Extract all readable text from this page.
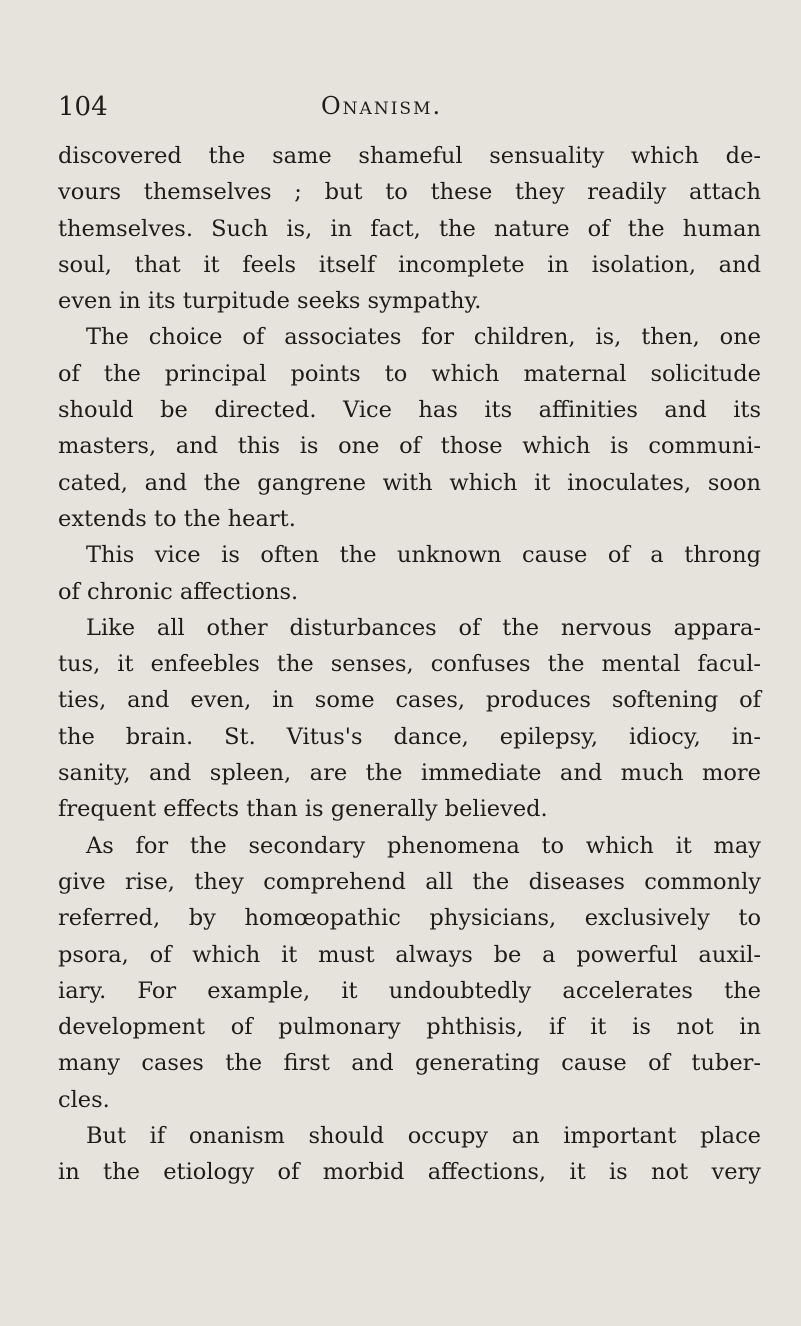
104	Onanism.
discovered the same shameful sensuality which de-
vours themselves ; but to these they readily attach
themselves. Such is, in fact, the nature of the human
soul, that it feels itself incomplete in isolation, and
even in its turpitude seeks sympathy.
The choice of associates for children, is, then, one
of the principal points to which maternal solicitude
should be directed. Vice has its affinities and its
masters, and this is one of those which is communi-
cated, and the gangrene with which it inoculates, soon
extends to the heart.
This vice is often the unknown cause of a throng
of chronic affections.
Like all other disturbances of the nervous appara-
tus, it enfeebles the senses, confuses the mental facul-
ties, and even, in some cases, produces softening of
the brain. St. Vitus's dance, epilepsy, idiocy, in-
sanity, and spleen, are the immediate and much more
frequent effects than is generally believed.
As for the secondary phenomena to which it may
give rise, they comprehend all the diseases commonly
referred, by homœopathic physicians, exclusively to
psora, of which it must always be a powerful auxil-
iary. For example, it undoubtedly accelerates the
development of pulmonary phthisis, if it is not in
many cases the first and generating cause of tuber-
cles.
But if onanism should occupy an important place
in the etiology of morbid affections, it is not very
